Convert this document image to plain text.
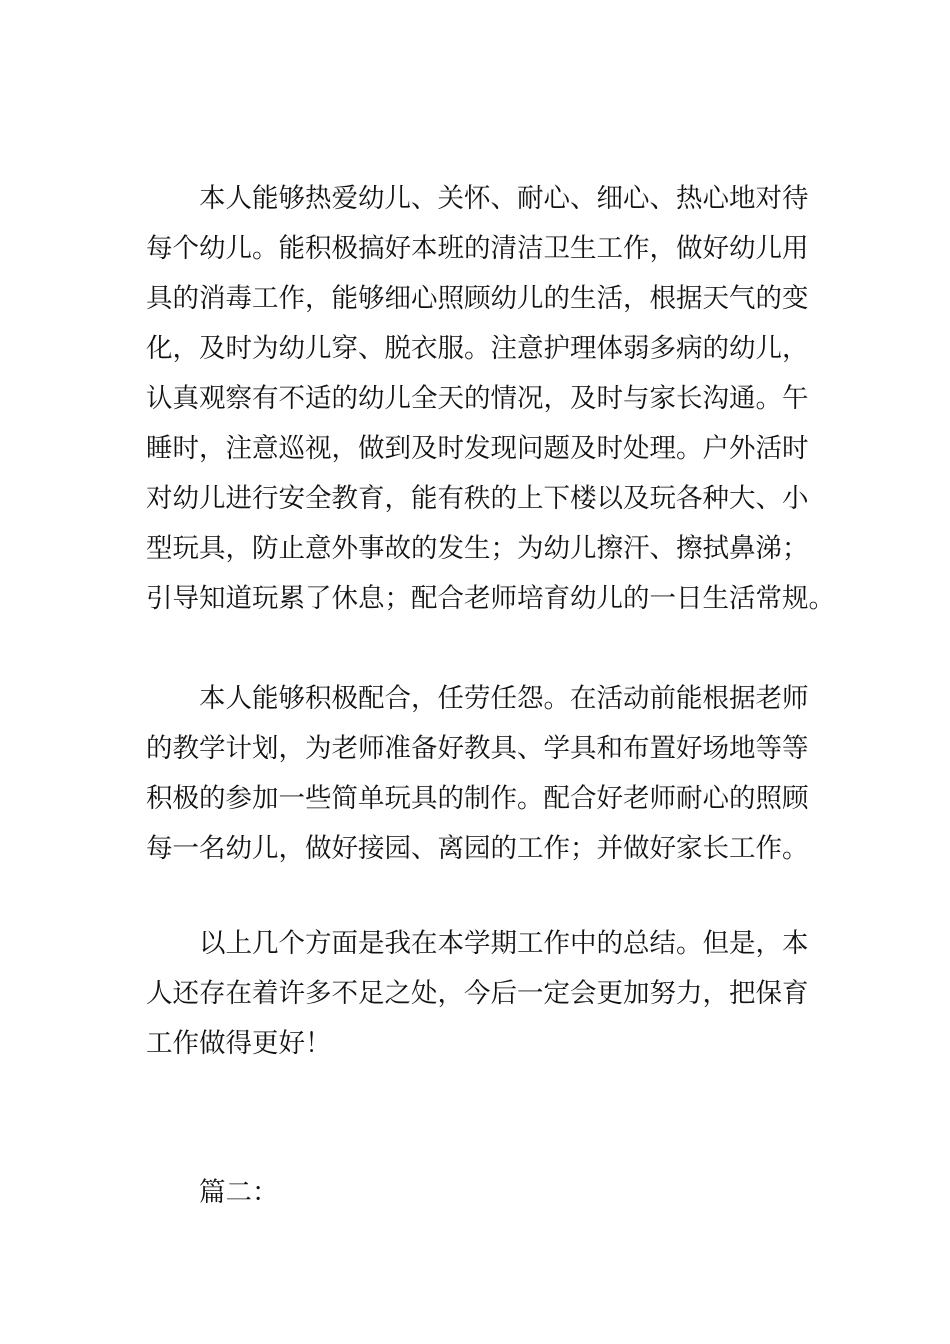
本人能够热爱幼儿、关怀、耐心、细心、热心地对待
每个幼儿。能积极搞好本班的清洁卫生工作，做好幼儿用
具的消毒工作，能够细心照顾幼儿的生活，根据天气的变
化，及时为幼儿穿、脱衣服。注意护理体弱多病的幼儿，
认真观察有不适的幼儿全天的情况，及时与家长沟通。午
睡时，注意巡视，做到及时发现问题及时处理。户外活时
对幼儿进行安全教育，能有秩的上下楼以及玩各种大、小
型玩具，防止意外事故的发生；为幼儿擦汗、擦拭鼻涕；
引导知道玩累了休息；配合老师培育幼儿的一日生活常规。
本人能够积极配合，任劳任怨。在活动前能根据老师
的教学计划，为老师准备好教具、学具和布置好场地等等
积极的参加一些简单玩具的制作。配合好老师耐心的照顾
每一名幼儿，做好接园、离园的工作；并做好家长工作。
以上几个方面是我在本学期工作中的总结。但是，本
人还存在着许多不足之处，今后一定会更加努力，把保育
工作做得更好！
篇二：
